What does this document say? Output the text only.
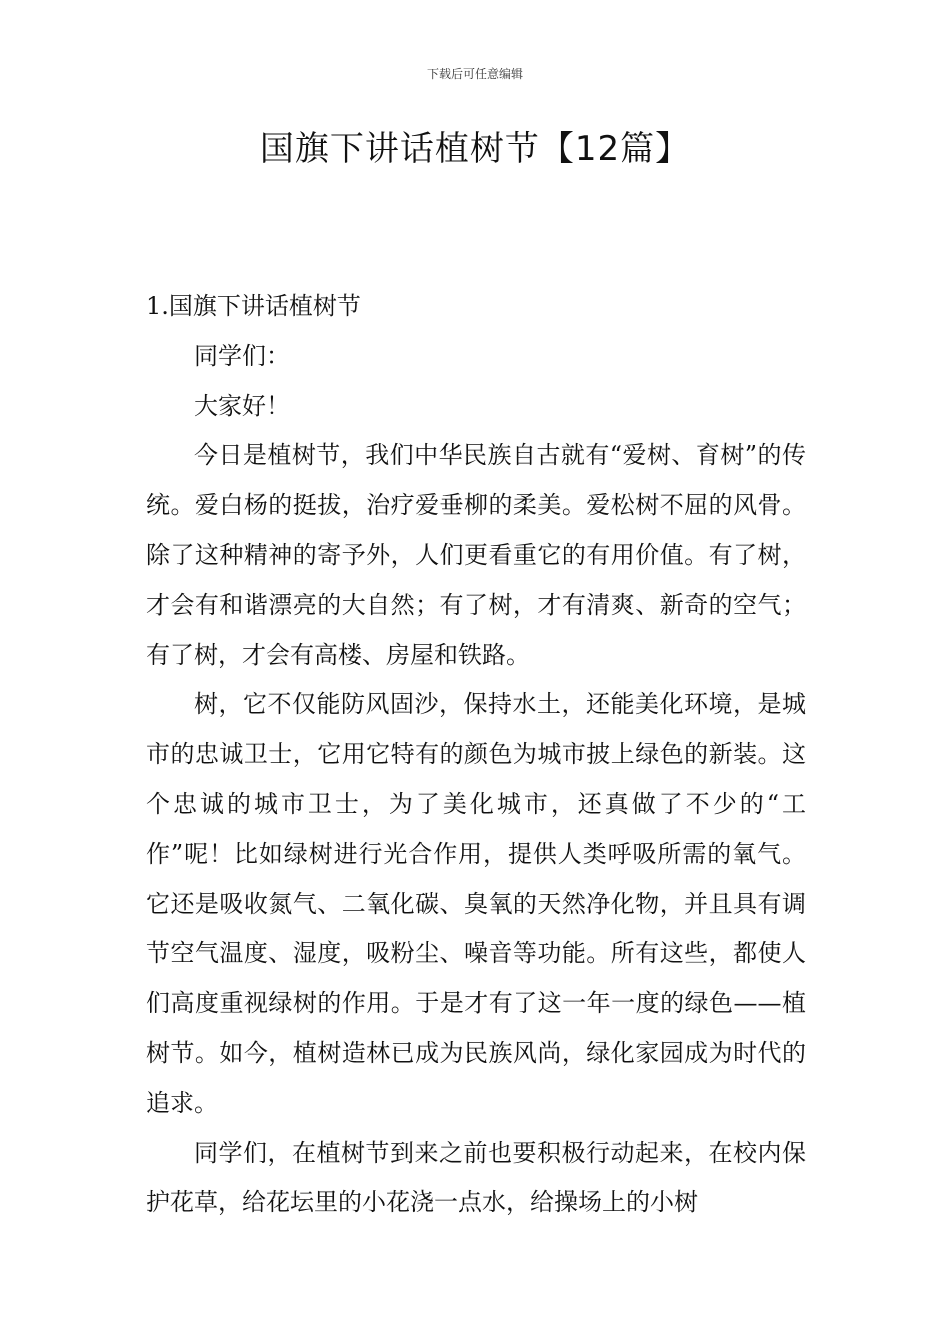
下载后可任意编辑
国旗下讲话植树节【12篇】

1.国旗下讲话植树节

同学们：

大家好！

今日是植树节，我们中华民族自古就有“爱树、育树”的传统。爱白杨的挺拔，治疗爱垂柳的柔美。爱松树不屈的风骨。除了这种精神的寄予外，人们更看重它的有用价值。有了树，才会有和谐漂亮的大自然；有了树，才有清爽、新奇的空气；有了树，才会有高楼、房屋和铁路。

树，它不仅能防风固沙，保持水土，还能美化环境，是城市的忠诚卫士，它用它特有的颜色为城市披上绿色的新装。这个忠诚的城市卫士，为了美化城市，还真做了不少的“工作”呢！比如绿树进行光合作用，提供人类呼吸所需的氧气。它还是吸收氮气、二氧化碳、臭氧的天然净化物，并且具有调节空气温度、湿度，吸粉尘、噪音等功能。所有这些，都使人们高度重视绿树的作用。于是才有了这一年一度的绿色——植树节。如今，植树造林已成为民族风尚，绿化家园成为时代的追求。

同学们，在植树节到来之前也要积极行动起来，在校内保护花草，给花坛里的小花浇一点水，给操场上的小树
